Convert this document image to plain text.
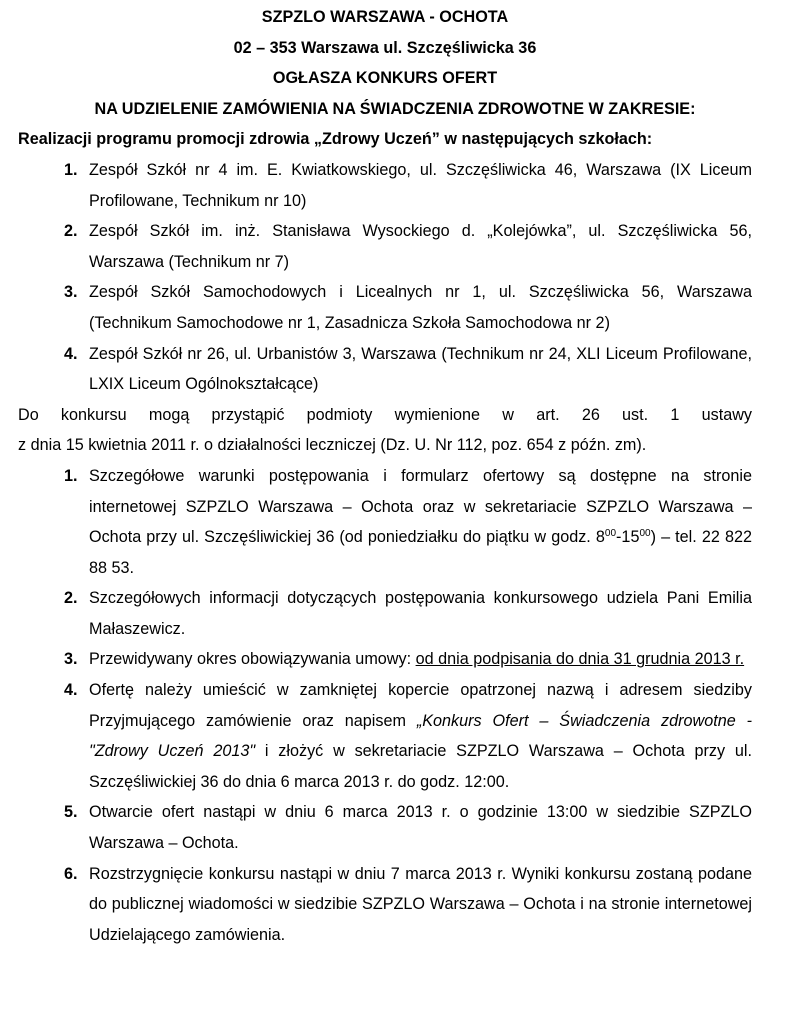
SZPZLO WARSZAWA - OCHOTA

02 – 353 Warszawa ul. Szczęśliwicka 36

OGŁASZA KONKURS OFERT

NA UDZIELENIE ZAMÓWIENIA NA ŚWIADCZENIA ZDROWOTNE W ZAKRESIE:

Realizacji programu promocji zdrowia „Zdrowy Uczeń” w następujących szkołach:

1. Zespół Szkół nr 4 im. E. Kwiatkowskiego, ul. Szczęśliwicka 46, Warszawa (IX Liceum Profilowane, Technikum nr 10)
2. Zespół Szkół im. inż. Stanisława Wysockiego d. „Kolejówka”, ul. Szczęśliwicka 56, Warszawa (Technikum nr 7)
3. Zespół Szkół Samochodowych i Licealnych nr 1, ul. Szczęśliwicka 56, Warszawa (Technikum Samochodowe nr 1, Zasadnicza Szkoła Samochodowa nr 2)
4. Zespół Szkół nr 26, ul. Urbanistów 3, Warszawa (Technikum nr 24, XLI Liceum Profilowane, LXIX Liceum Ogólnokształcące)

Do konkursu mogą przystąpić podmioty wymienione w art. 26 ust. 1 ustawy
z dnia 15 kwietnia 2011 r. o działalności leczniczej (Dz. U. Nr 112, poz. 654 z późn. zm).

1. Szczegółowe warunki postępowania i formularz ofertowy są dostępne na stronie internetowej SZPZLO Warszawa – Ochota oraz w sekretariacie SZPZLO Warszawa – Ochota przy ul. Szczęśliwickiej 36 (od poniedziałku do piątku w godz. $8^{00}-15^{00}$) – tel. 22 822 88 53.
2. Szczegółowych informacji dotyczących postępowania konkursowego udziela Pani Emilia Małaszewicz.
3. Przewidywany okres obowiązywania umowy: od dnia podpisania do dnia 31 grudnia 2013 r.
4. Ofertę należy umieścić w zamkniętej kopercie opatrzonej nazwą i adresem siedziby Przyjmującego zamówienie oraz napisem „Konkurs Ofert – Świadczenia zdrowotne - "Zdrowy Uczeń 2013" i złożyć w sekretariacie SZPZLO Warszawa – Ochota przy ul. Szczęśliwickiej 36 do dnia 6 marca 2013 r. do godz. 12:00.
5. Otwarcie ofert nastąpi w dniu 6 marca 2013 r. o godzinie 13:00 w siedzibie SZPZLO Warszawa – Ochota.
6. Rozstrzygnięcie konkursu nastąpi w dniu 7 marca 2013 r. Wyniki konkursu zostaną podane do publicznej wiadomości w siedzibie SZPZLO Warszawa – Ochota i na stronie internetowej Udzielającego zamówienia.
